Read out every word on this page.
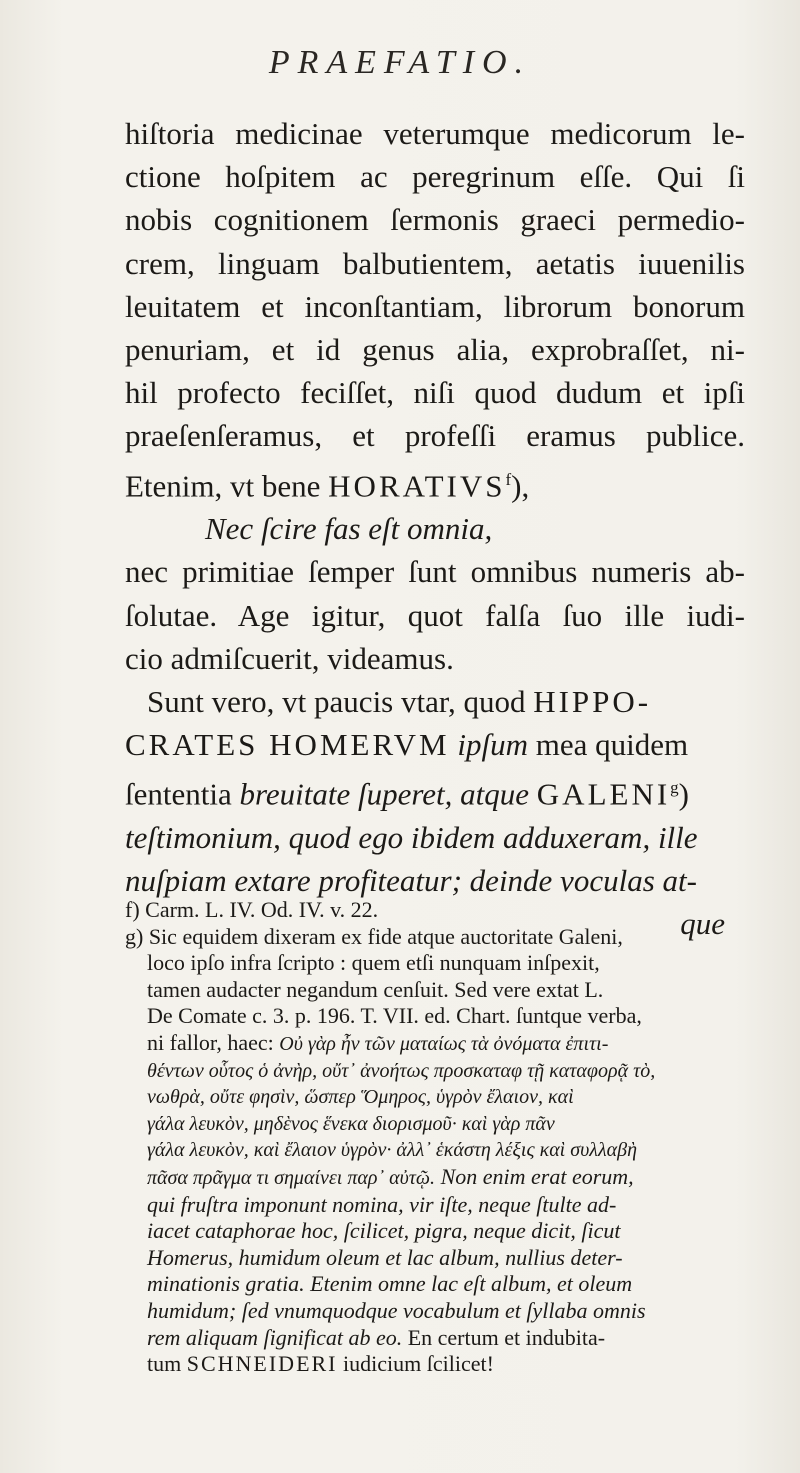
PRAEFATIO.
hiſtoria medicinae veterumque medicorum le-
ctione hoſpitem ac peregrinum eſſe. Qui ſi
nobis cognitionem ſermonis graeci permedio-
crem, linguam balbutientem, aetatis iuuenilis
leuitatem et inconſtantiam, librorum bonorum
penuriam, et id genus alia, exprobraſſet, ni-
hil profecto feciſſet, niſi quod dudum et ipſi
praeſenſeramus, et profeſſi eramus publice.
Etenim, vt bene HORATIVS$^f$),
Nec ſcire fas eſt omnia,
nec primitiae ſemper ſunt omnibus numeris ab-
ſolutae. Age igitur, quot falſa ſuo ille iudi-
cio admiſcuerit, videamus.
Sunt vero, vt paucis vtar, quod HIPPO-
CRATES HOMERVM ipſum mea quidem
ſententia breuitate ſuperet, atque GALENI$^g$)
teſtimonium, quod ego ibidem adduxeram, ille
nuſpiam extare profiteatur; deinde voculas at-
que
f) Carm. L. IV. Od. IV. v. 22.
g) Sic equidem dixeram ex fide atque auctoritate Galeni,
loco ipſo infra ſcripto : quem etſi nunquam inſpexit,
tamen audacter negandum cenſuit. Sed vere extat L.
De Comate c. 3. p. 196. T. VII. ed. Chart. ſuntque verba,
ni fallor, haec: Οὐ γὰρ ἦν τῶν ματαίως τὰ ὀνόματα ἐπιτι-
θέντων οὗτος ὁ ἀνὴρ, οὔτ᾽ ἀνοήτως προσκαταφ τῇ καταφορᾷ τὸ,
νωθρὰ, οὔτε φησὶν, ὥσπερ Ὅμηρος, ὑγρὸν ἔλαιον, καὶ
γάλα λευκὸν, μηδὲνος ἕνεκα διορισμοῦ· καὶ γὰρ πᾶν
γάλα λευκὸν, καὶ ἔλαιον ὑγρὸν· ἀλλ᾽ ἑκάστη λέξις καὶ συλλαβὴ
πᾶσα πρᾶγμα τι σημαίνει παρ᾽ αὐτῷ. Non enim erat eorum,
qui fruſtra imponunt nomina, vir iſte, neque ſtulte ad-
iacet cataphorae hoc, ſcilicet, pigra, neque dicit, ſicut
Homerus, humidum oleum et lac album, nullius deter-
minationis gratia. Etenim omne lac eſt album, et oleum
humidum; ſed vnumquodque vocabulum et ſyllaba omnis
rem aliquam ſignificat ab eo. En certum et indubita-
tum SCHNEIDERI iudicium ſcilicet!
